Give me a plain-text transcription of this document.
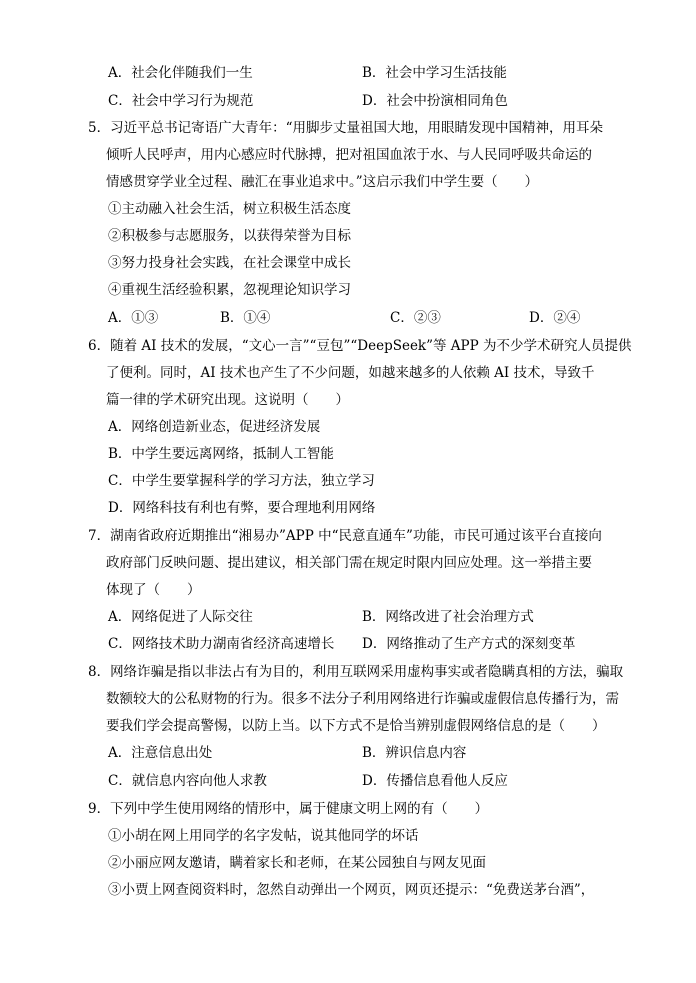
A．社会化伴随我们一生	B．社会中学习生活技能
C．社会中学习行为规范	D．社会中扮演相同角色
5．习近平总书记寄语广大青年：“用脚步丈量祖国大地，用眼睛发现中国精神，用耳朵
倾听人民呼声，用内心感应时代脉搏，把对祖国血浓于水、与人民同呼吸共命运的
情感贯穿学业全过程、融汇在事业追求中。”这启示我们中学生要（　　）
①主动融入社会生活，树立积极生活态度
②积极参与志愿服务，以获得荣誉为目标
③努力投身社会实践，在社会课堂中成长
④重视生活经验积累，忽视理论知识学习
A．①③	B．①④	C．②③	D．②④
6．随着 AI 技术的发展，“文心一言”“豆包”“DeepSeek”等 APP 为不少学术研究人员提供
了便利。同时，AI 技术也产生了不少问题，如越来越多的人依赖 AI 技术，导致千
篇一律的学术研究出现。这说明（　　）
A．网络创造新业态，促进经济发展
B．中学生要远离网络，抵制人工智能
C．中学生要掌握科学的学习方法，独立学习
D．网络科技有利也有弊，要合理地利用网络
7．湖南省政府近期推出“湘易办”APP 中“民意直通车”功能，市民可通过该平台直接向
政府部门反映问题、提出建议，相关部门需在规定时限内回应处理。这一举措主要
体现了（　　）
A．网络促进了人际交往	B．网络改进了社会治理方式
C．网络技术助力湖南省经济高速增长 D．网络推动了生产方式的深刻变革
8．网络诈骗是指以非法占有为目的，利用互联网采用虚构事实或者隐瞒真相的方法，骗取
数额较大的公私财物的行为。很多不法分子利用网络进行诈骗或虚假信息传播行为，需
要我们学会提高警惕，以防上当。以下方式不是恰当辨别虚假网络信息的是（　　）
A．注意信息出处	B．辨识信息内容
C．就信息内容向他人求教	D．传播信息看他人反应
9．下列中学生使用网络的情形中，属于健康文明上网的有（　　）
①小胡在网上用同学的名字发帖，说其他同学的坏话
②小丽应网友邀请，瞒着家长和老师，在某公园独自与网友见面
③小贾上网查阅资料时，忽然自动弹出一个网页，网页还提示：“免费送茅台酒”，
